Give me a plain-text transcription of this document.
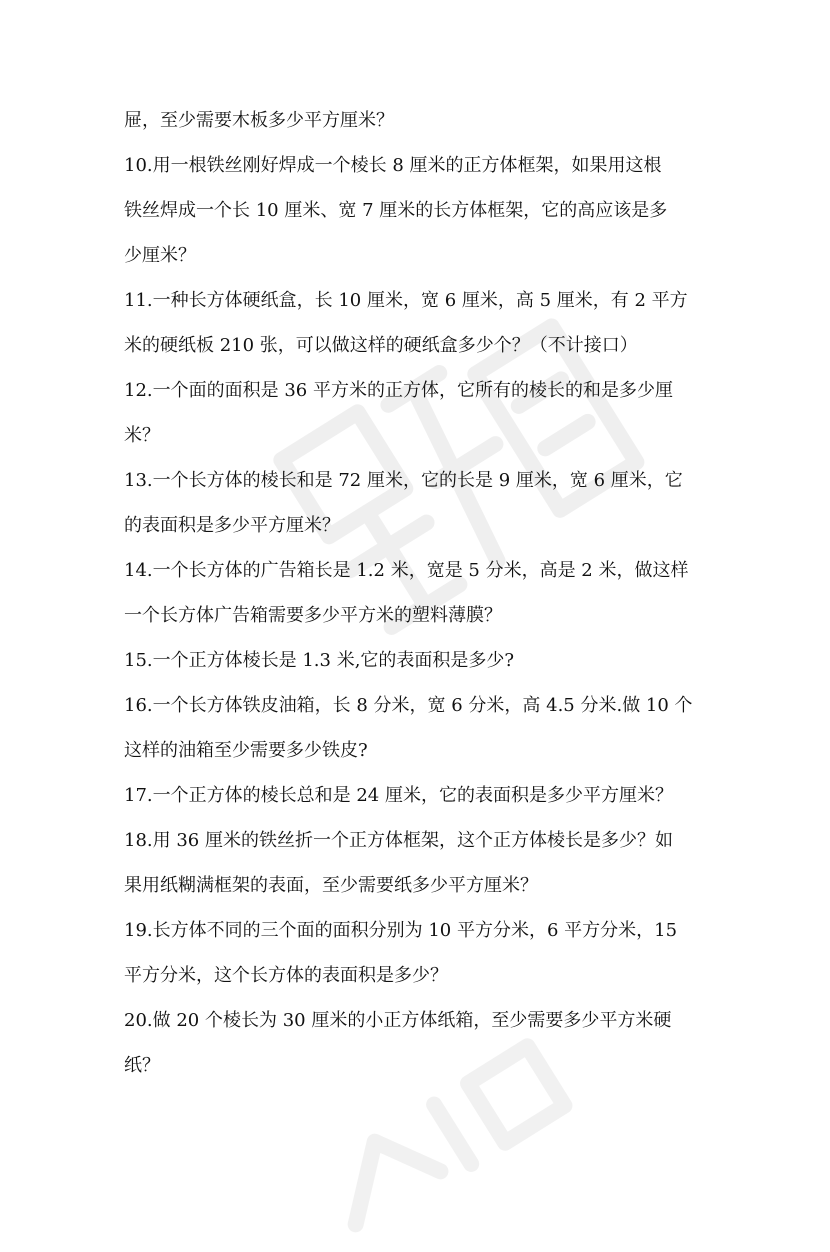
屉，至少需要木板多少平方厘米？
10.用一根铁丝刚好焊成一个棱长 8 厘米的正方体框架，如果用这根
铁丝焊成一个长 10 厘米、宽 7 厘米的长方体框架，它的高应该是多
少厘米？
11.一种长方体硬纸盒，长 10 厘米，宽 6 厘米，高 5 厘米，有 2 平方
米的硬纸板 210 张，可以做这样的硬纸盒多少个？（不计接口）
12.一个面的面积是 36 平方米的正方体，它所有的棱长的和是多少厘
米？
13.一个长方体的棱长和是 72 厘米，它的长是 9 厘米，宽 6 厘米，它
的表面积是多少平方厘米？
14.一个长方体的广告箱长是 1.2 米，宽是 5 分米，高是 2 米，做这样
一个长方体广告箱需要多少平方米的塑料薄膜？
15.一个正方体棱长是 1.3 米,它的表面积是多少?
16.一个长方体铁皮油箱，长 8 分米，宽 6 分米，高 4.5 分米.做 10 个
这样的油箱至少需要多少铁皮?
17.一个正方体的棱长总和是 24 厘米，它的表面积是多少平方厘米？
18.用 36 厘米的铁丝折一个正方体框架，这个正方体棱长是多少？如
果用纸糊满框架的表面，至少需要纸多少平方厘米？
19.长方体不同的三个面的面积分别为 10 平方分米，6 平方分米，15
平方分米，这个长方体的表面积是多少？
20.做 20 个棱长为 30 厘米的小正方体纸箱，至少需要多少平方米硬
纸？
